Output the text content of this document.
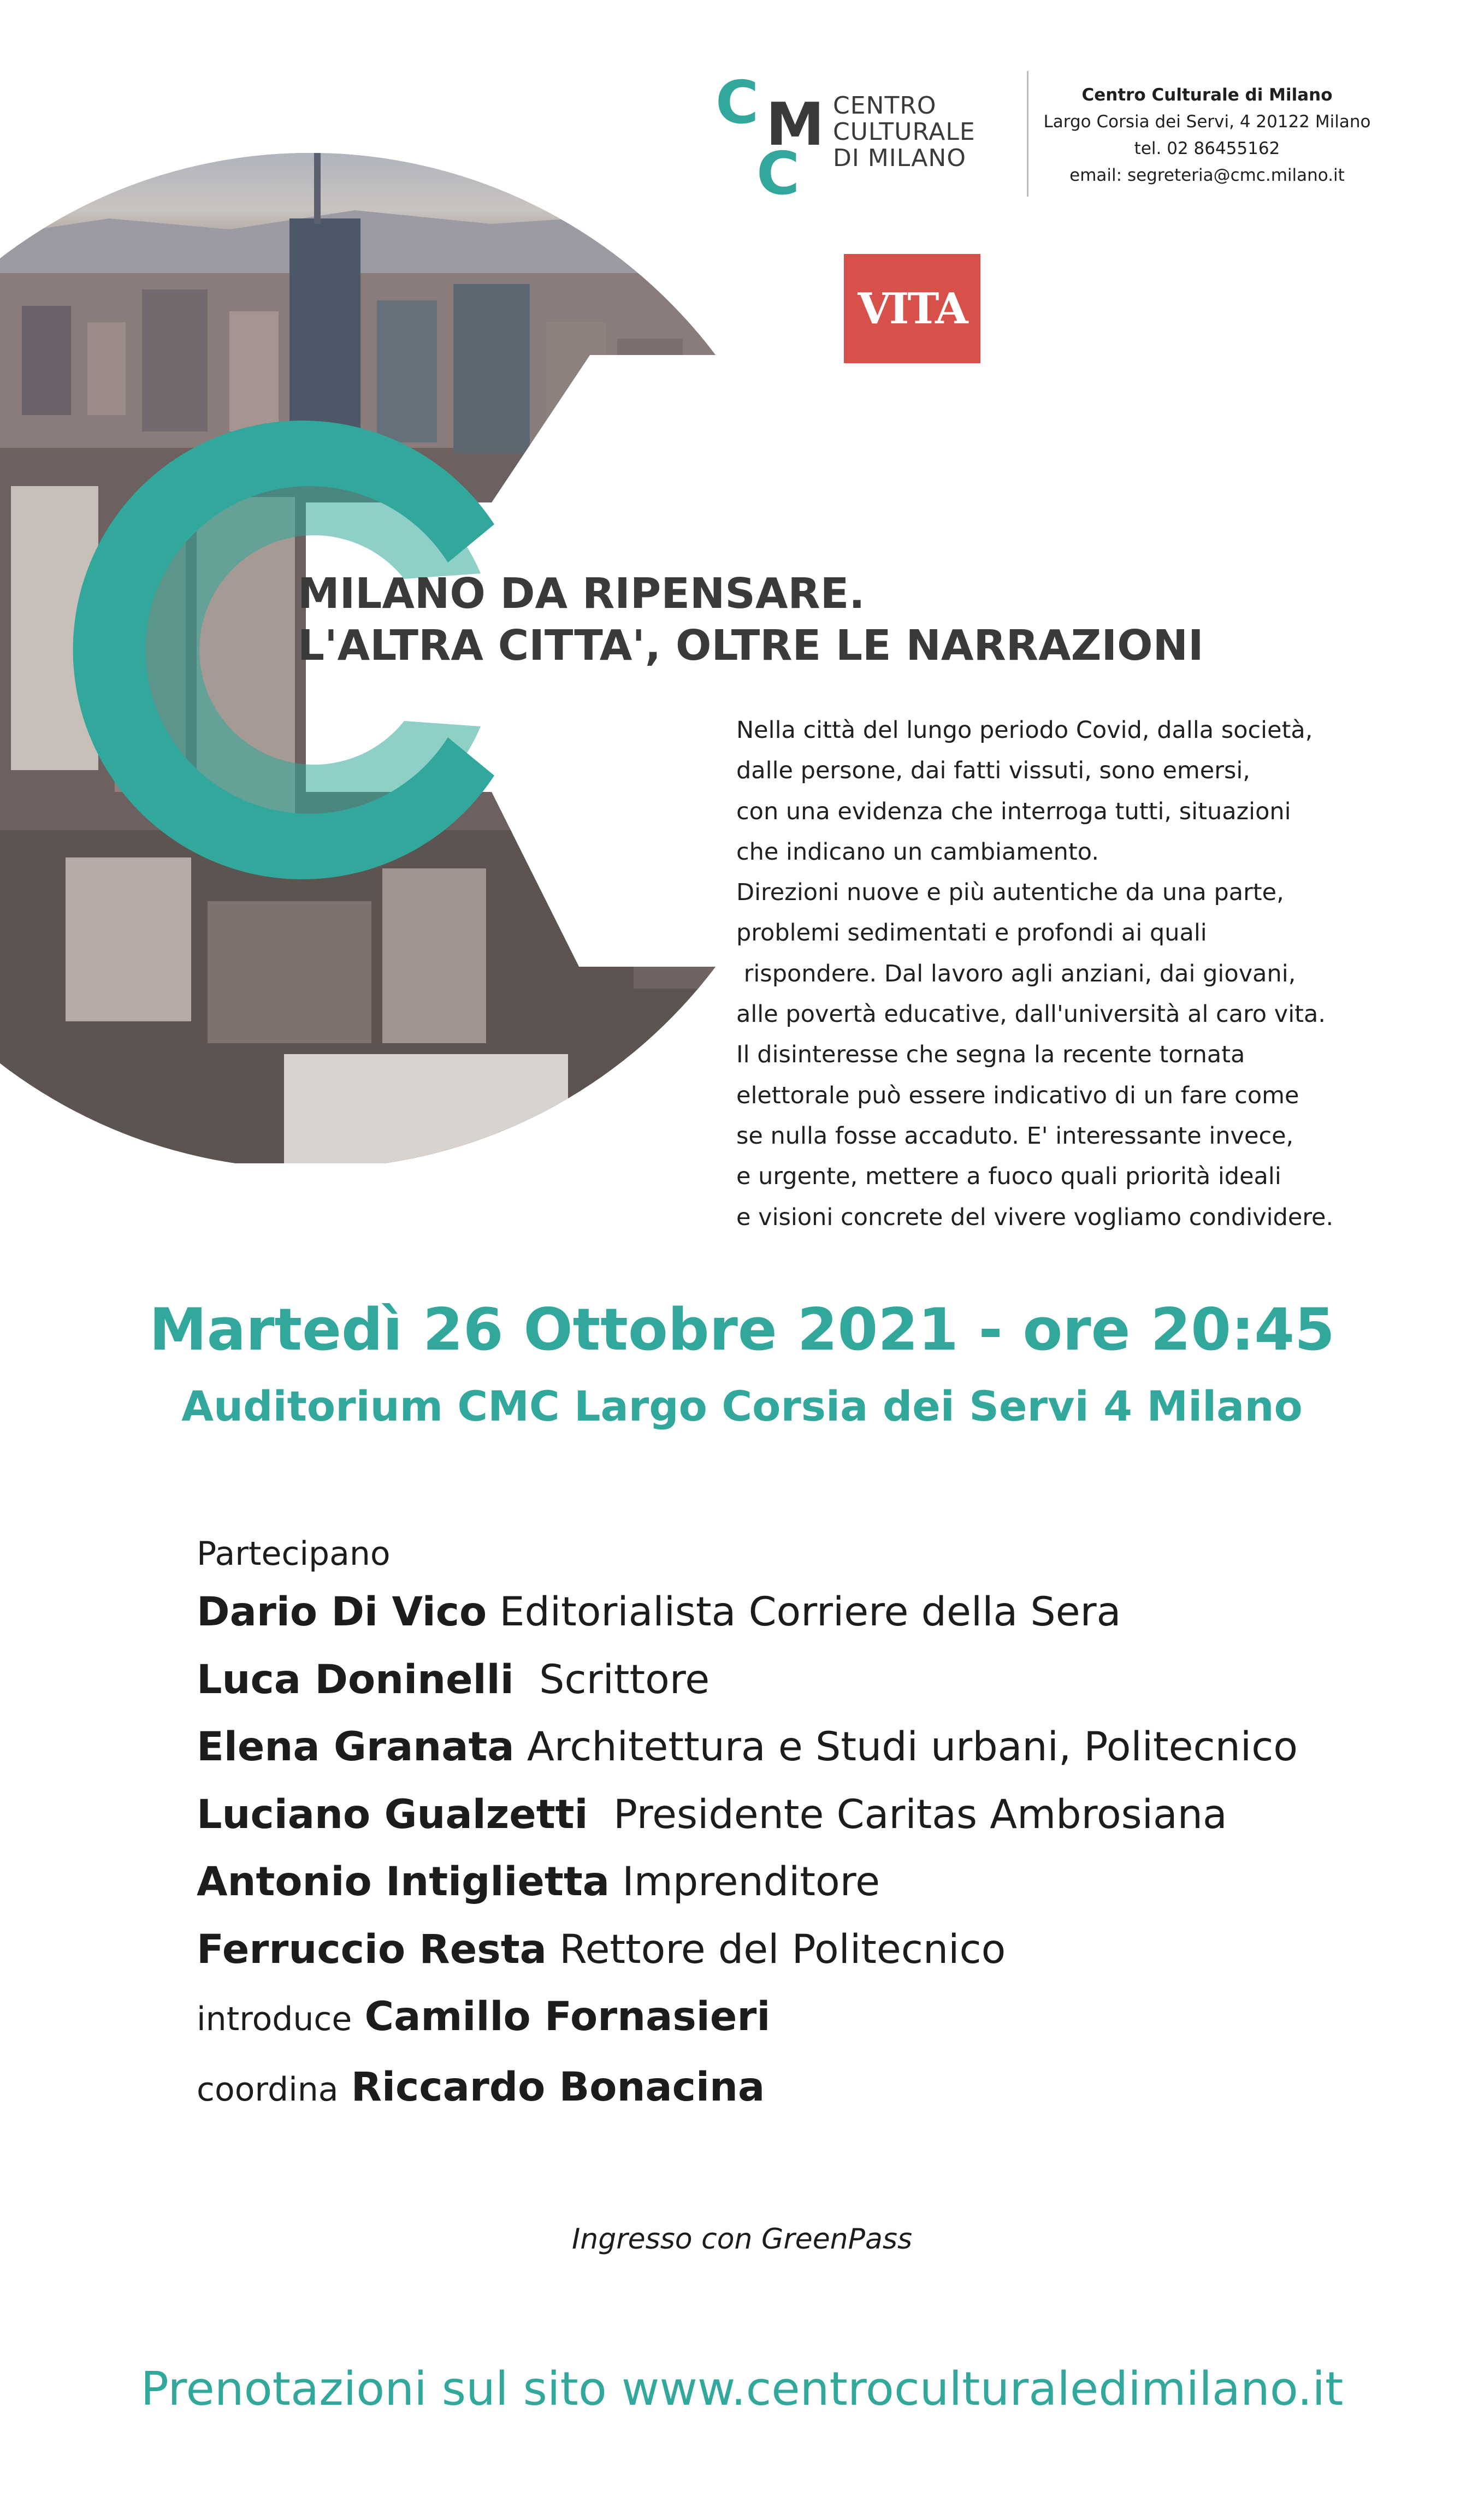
C M
C
CENTRO
CULTURALE
DI MILANO
Centro Culturale di Milano
Largo Corsia dei Servi, 4 20122 Milano
tel. 02 86455162
email: segreteria@cmc.milano.it
VITA
MILANO DA RIPENSARE.
L'ALTRA CITTA', OLTRE LE NARRAZIONI
Nella città del lungo periodo Covid, dalla società,
dalle persone, dai fatti vissuti, sono emersi,
con una evidenza che interroga tutti, situazioni
che indicano un cambiamento.
Direzioni nuove e più autentiche da una parte,
problemi sedimentati e profondi ai quali
rispondere. Dal lavoro agli anziani, dai giovani,
alle povertà educative, dall'università al caro vita.
Il disinteresse che segna la recente tornata
elettorale può essere indicativo di un fare come
se nulla fosse accaduto. E' interessante invece,
e urgente, mettere a fuoco quali priorità ideali
e visioni concrete del vivere vogliamo condividere.
Martedì 26 Ottobre 2021 - ore 20:45
Auditorium CMC Largo Corsia dei Servi 4 Milano
Partecipano
Dario Di Vico Editorialista Corriere della Sera
Luca Doninelli Scrittore
Elena Granata Architettura e Studi urbani, Politecnico
Luciano Gualzetti Presidente Caritas Ambrosiana
Antonio Intiglietta Imprenditore
Ferruccio Resta Rettore del Politecnico
introduce Camillo Fornasieri
coordina Riccardo Bonacina
Ingresso con GreenPass
Prenotazioni sul sito www.centroculturaledimilano.it
